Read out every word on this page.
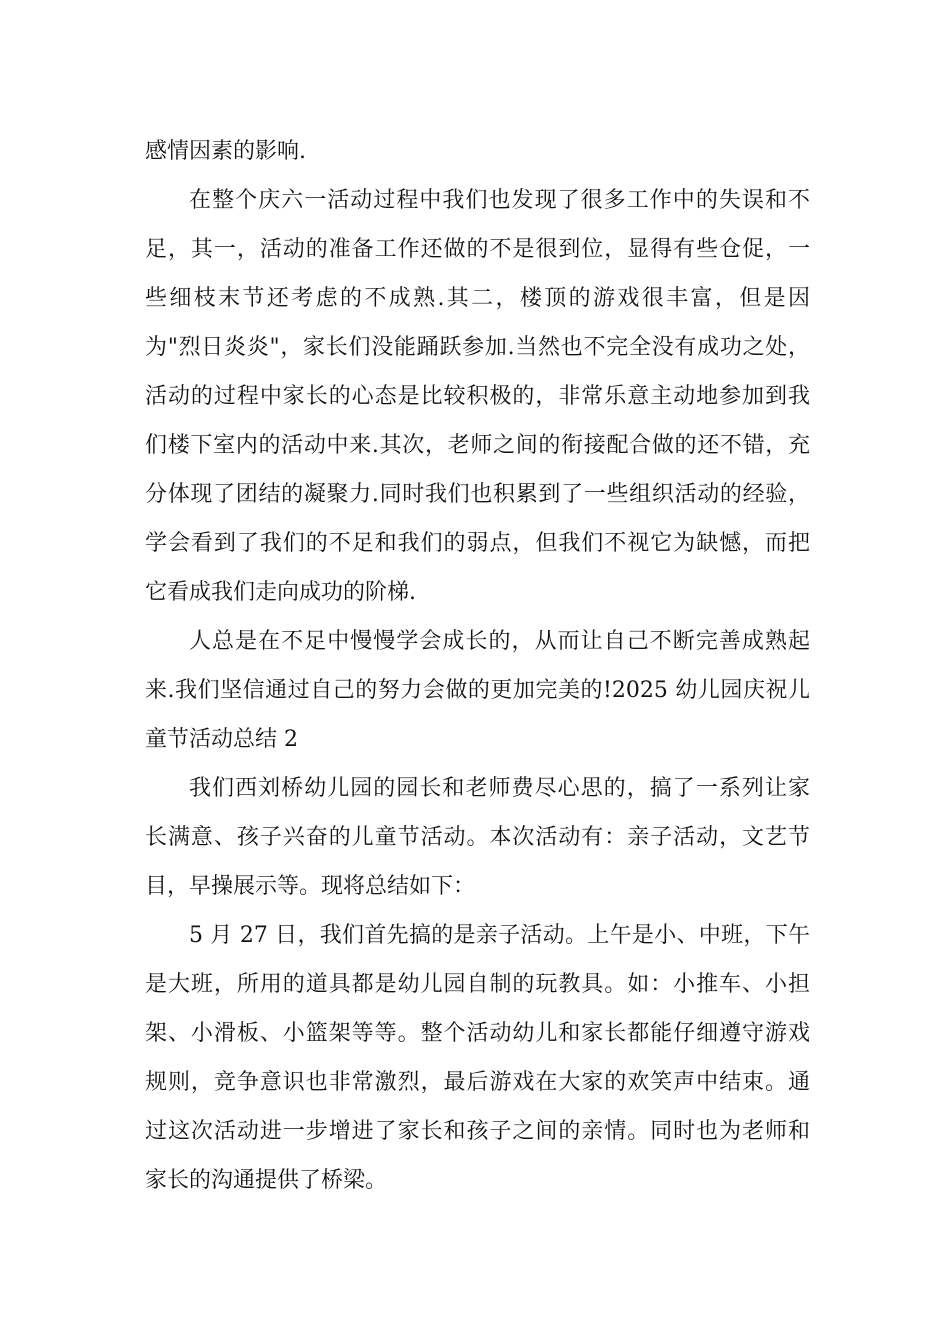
感情因素的影响.
在整个庆六一活动过程中我们也发现了很多工作中的失误和不
足，其一，活动的准备工作还做的不是很到位，显得有些仓促，一
些细枝末节还考虑的不成熟.其二，楼顶的游戏很丰富，但是因
为"烈日炎炎"，家长们没能踊跃参加.当然也不完全没有成功之处，
活动的过程中家长的心态是比较积极的，非常乐意主动地参加到我
们楼下室内的活动中来.其次，老师之间的衔接配合做的还不错，充
分体现了团结的凝聚力.同时我们也积累到了一些组织活动的经验，
学会看到了我们的不足和我们的弱点，但我们不视它为缺憾，而把
它看成我们走向成功的阶梯.
人总是在不足中慢慢学会成长的，从而让自己不断完善成熟起
来.我们坚信通过自己的努力会做的更加完美的!2025 幼儿园庆祝儿
童节活动总结 2
我们西刘桥幼儿园的园长和老师费尽心思的，搞了一系列让家
长满意、孩子兴奋的儿童节活动。本次活动有：亲子活动，文艺节
目，早操展示等。现将总结如下：
5 月 27 日，我们首先搞的是亲子活动。上午是小、中班，下午
是大班，所用的道具都是幼儿园自制的玩教具。如：小推车、小担
架、小滑板、小篮架等等。整个活动幼儿和家长都能仔细遵守游戏
规则，竞争意识也非常激烈，最后游戏在大家的欢笑声中结束。通
过这次活动进一步增进了家长和孩子之间的亲情。同时也为老师和
家长的沟通提供了桥梁。
